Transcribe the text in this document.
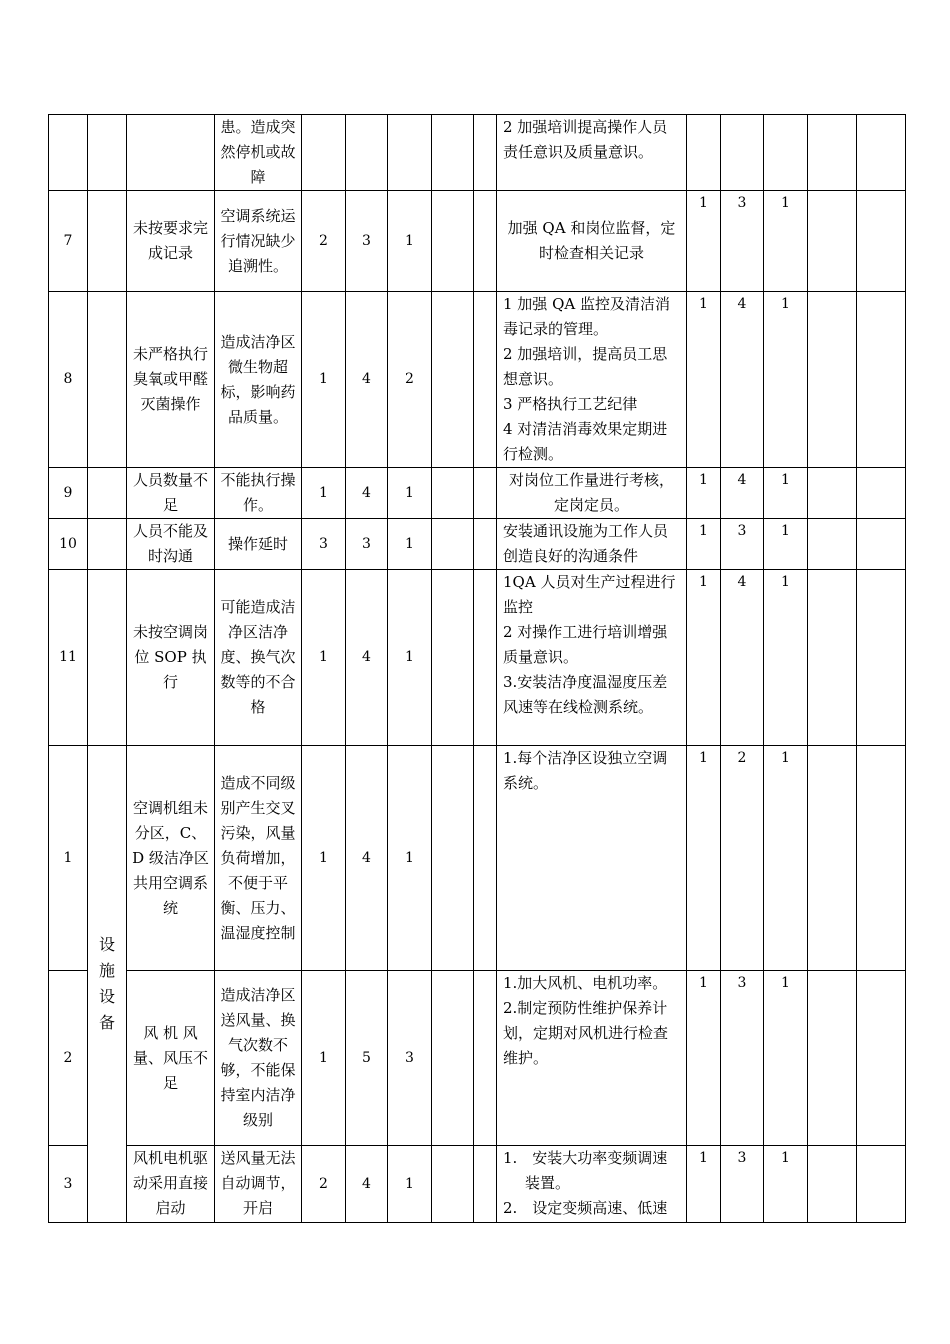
			患。造成突然停机或故障						2 加强培训提高操作人员责任意识及质量意识。					

7		未按要求完成记录	空调系统运行情况缺少追溯性。	2	3	1			加强 QA 和岗位监督，定时检查相关记录	1	3	1		
8		未严格执行臭氧或甲醛灭菌操作	造成洁净区微生物超标，影响药品质量。	1	4	2			1 加强 QA 监控及清洁消毒记录的管理。
2 加强培训，提高员工思想意识。
3 严格执行工艺纪律
4 对清洁消毒效果定期进行检测。	1	4	1		
9		人员数量不足	不能执行操作。	1	4	1			对岗位工作量进行考核，定岗定员。	1	4	1		
10		人员不能及时沟通	操作延时	3	3	1			安装通讯设施为工作人员创造良好的沟通条件	1	3	1		
11		未按空调岗位 SOP 执行	可能造成洁净区洁净度、换气次数等的不合格	1	4	1			1QA 人员对生产过程进行监控
2 对操作工进行培训增强质量意识。
3.安装洁净度温湿度压差风速等在线检测系统。	1	4	1		
1	设施设备	空调机组未分区，C、D 级洁净区共用空调系统	造成不同级别产生交叉污染，风量负荷增加，不便于平衡、压力、温湿度控制	1	4	1			1.每个洁净区设独立空调系统。	1	2	1		
2		风 机 风量、风压不足	造成洁净区送风量、换气次数不够，不能保持室内洁净级别	1	5	3			1.加大风机、电机功率。
2.制定预防性维护保养计划，定期对风机进行检查维护。	1	3	1		
3		风机电机驱动采用直接启动	送风量无法自动调节，开启	2	4	1			1.　安装大功率变频调速装置。
2.　设定变频高速、低速	1	3	1		
